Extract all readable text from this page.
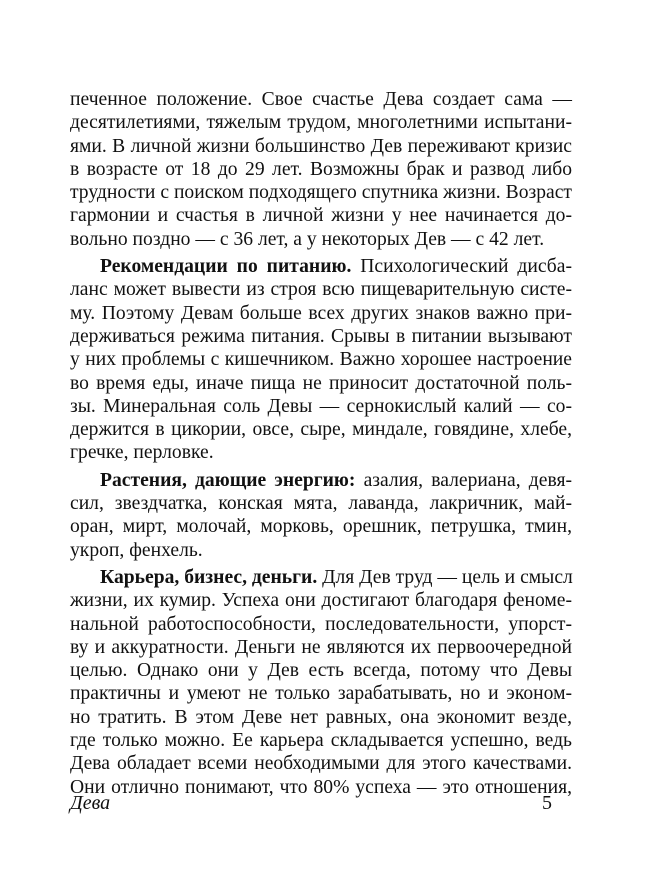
печенное положение. Свое счастье Дева создает сама —
десятилетиями, тяжелым трудом, многолетними испытани-
ями. В личной жизни большинство Дев переживают кризис
в возрасте от 18 до 29 лет. Возможны брак и развод либо
трудности с поиском подходящего спутника жизни. Возраст
гармонии и счастья в личной жизни у нее начинается до-
вольно поздно — с 36 лет, а у некоторых Дев — с 42 лет.
Рекомендации по питанию. Психологический дисба-
ланс может вывести из строя всю пищеварительную систе-
му. Поэтому Девам больше всех других знаков важно при-
держиваться режима питания. Срывы в питании вызывают
у них проблемы с кишечником. Важно хорошее настроение
во время еды, иначе пища не приносит достаточной поль-
зы. Минеральная соль Девы — сернокислый калий — со-
держится в цикории, овсе, сыре, миндале, говядине, хлебе,
гречке, перловке.
Растения, дающие энергию: азалия, валериана, девя-
сил, звездчатка, конская мята, лаванда, лакричник, май-
оран, мирт, молочай, морковь, орешник, петрушка, тмин,
укроп, фенхель.
Карьера, бизнес, деньги. Для Дев труд — цель и смысл
жизни, их кумир. Успеха они достигают благодаря феноме-
нальной работоспособности, последовательности, упорст-
ву и аккуратности. Деньги не являются их первоочередной
целью. Однако они у Дев есть всегда, потому что Девы
практичны и умеют не только зарабатывать, но и эконом-
но тратить. В этом Деве нет равных, она экономит везде,
где только можно. Ее карьера складывается успешно, ведь
Дева обладает всеми необходимыми для этого качествами.
Они отлично понимают, что 80% успеха — это отношения,
Дева	5
